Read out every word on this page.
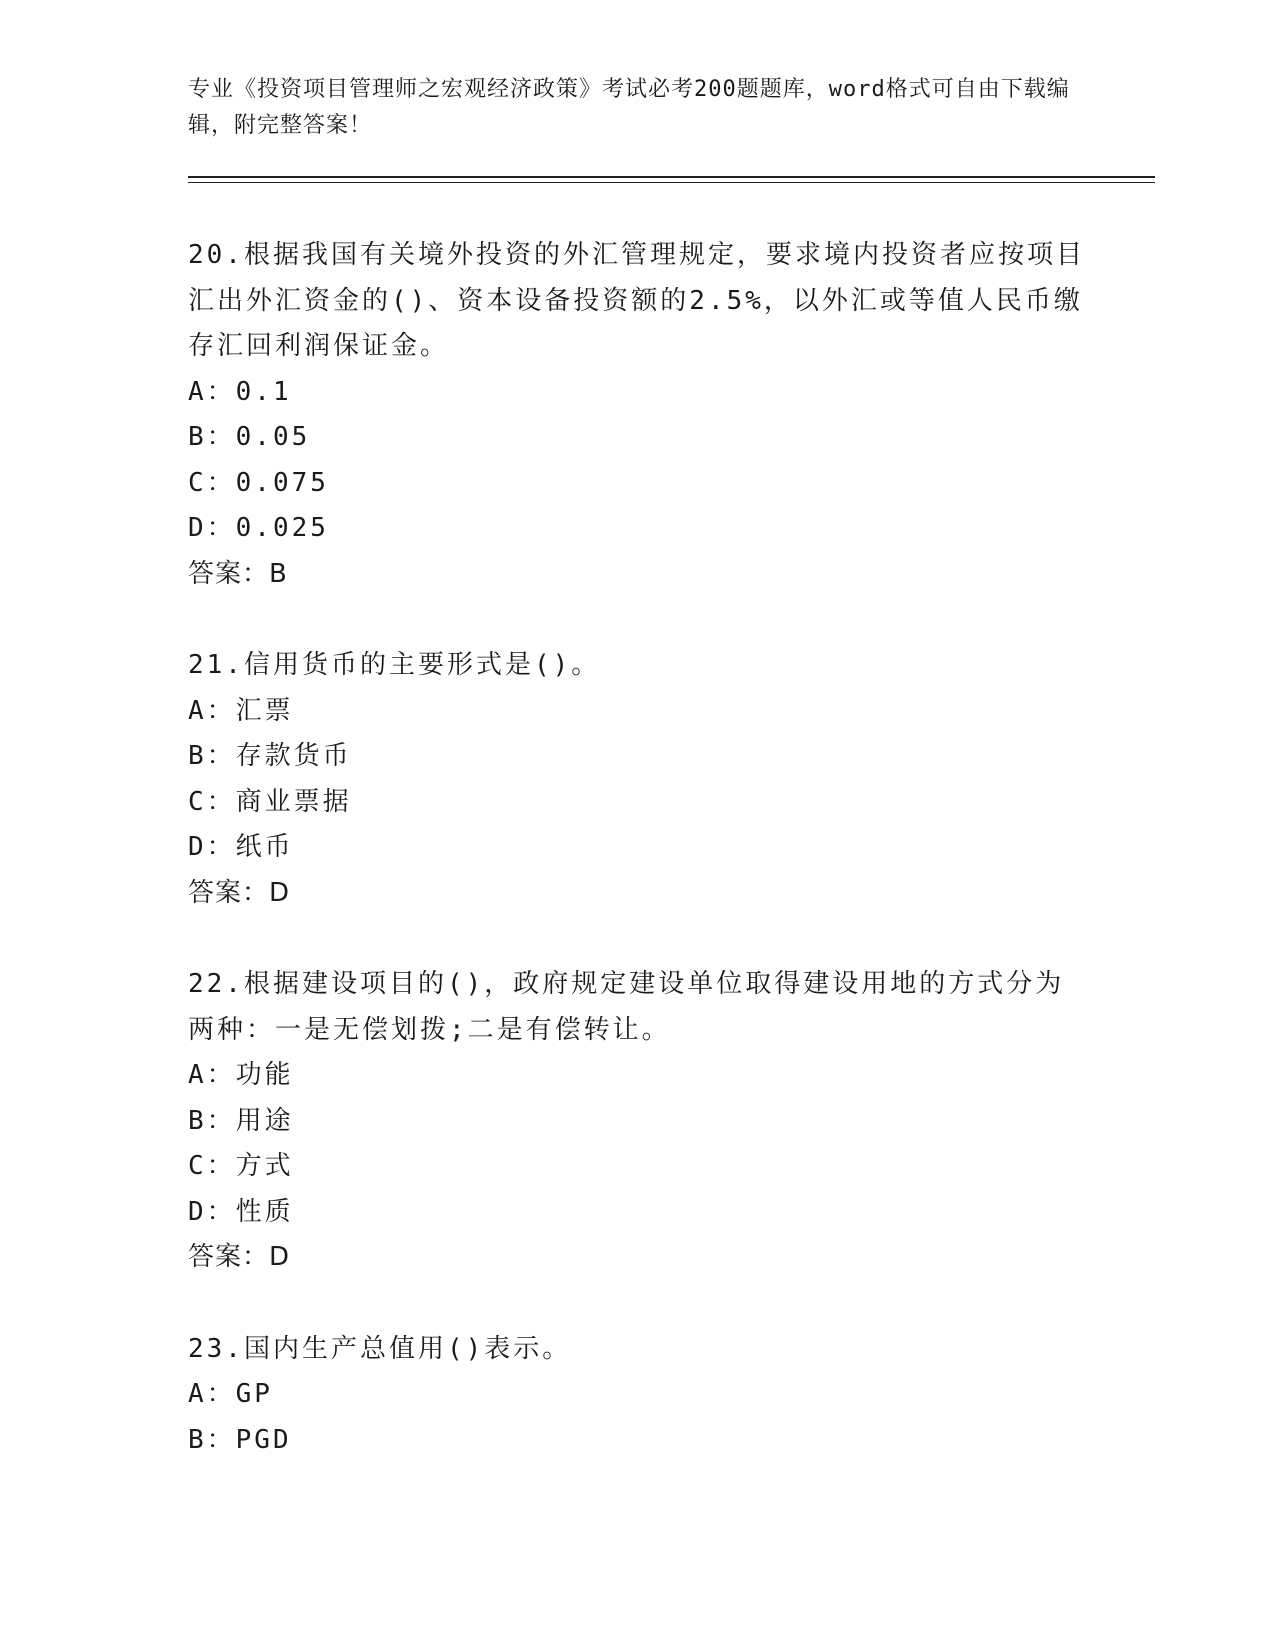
专业《投资项目管理师之宏观经济政策》考试必考200题题库，word格式可自由下载编辑，附完整答案！

20.根据我国有关境外投资的外汇管理规定，要求境内投资者应按项目汇出外汇资金的()、资本设备投资额的2.5%，以外汇或等值人民币缴存汇回利润保证金。

A：0.1

B：0.05

C：0.075

D：0.025

答案：B

21.信用货币的主要形式是()。

A：汇票

B：存款货币

C：商业票据

D：纸币

答案：D

22.根据建设项目的()，政府规定建设单位取得建设用地的方式分为两种：一是无偿划拨;二是有偿转让。

A：功能

B：用途

C：方式

D：性质

答案：D

23.国内生产总值用()表示。

A：GP

B：PGD
